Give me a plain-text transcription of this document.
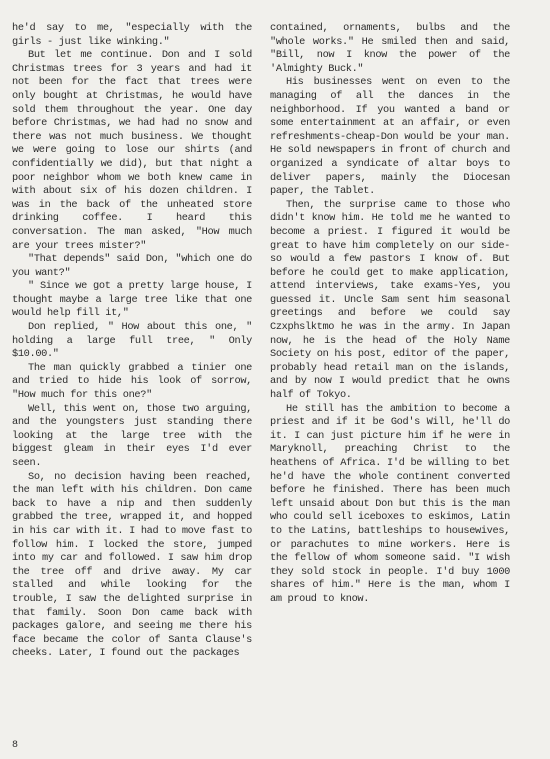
he'd say to me, "especially with the girls - just like winking."

But let me continue. Don and I sold Christmas trees for 3 years and had it not been for the fact that trees were only bought at Christmas, he would have sold them throughout the year. One day before Christmas, we had had no snow and there was not much business. We thought we were going to lose our shirts (and confidentially we did), but that night a poor neighbor whom we both knew came in with about six of his dozen children. I was in the back of the unheated store drinking coffee. I heard this conversation. The man asked, "How much are your trees mister?"

"That depends" said Don, "which one do you want?"

" Since we got a pretty large house, I thought maybe a large tree like that one would help fill it,"

Don replied, " How about this one, " holding a large full tree, " Only $10.00."

The man quickly grabbed a tinier one and tried to hide his look of sorrow, "How much for this one?"

Well, this went on, those two arguing, and the youngsters just standing there looking at the large tree with the biggest gleam in their eyes I'd ever seen.

So, no decision having been reached, the man left with his children. Don came back to have a nip and then suddenly grabbed the tree, wrapped it, and hopped in his car with it. I had to move fast to follow him. I locked the store, jumped into my car and followed. I saw him drop the tree off and drive away. My car stalled and while looking for the trouble, I saw the delighted surprise in that family. Soon Don came back with packages galore, and seeing me there his face became the color of Santa Clause's cheeks. Later, I found out the packages

contained, ornaments, bulbs and the "whole works." He smiled then and said, "Bill, now I know the power of the 'Almighty Buck."

His businesses went on even to the managing of all the dances in the neighborhood. If you wanted a band or some entertainment at an affair, or even refreshments-cheap-Don would be your man. He sold newspapers in front of church and organized a syndicate of altar boys to deliver papers, mainly the Diocesan paper, the Tablet.

Then, the surprise came to those who didn't know him. He told me he wanted to become a priest. I figured it would be great to have him completely on our side-so would a few pastors I know of. But before he could get to make application, attend interviews, take exams-Yes, you guessed it. Uncle Sam sent him seasonal greetings and before we could say Czxphslktmo he was in the army. In Japan now, he is the head of the Holy Name Society on his post, editor of the paper, probably head retail man on the islands, and by now I would predict that he owns half of Tokyo.

He still has the ambition to become a priest and if it be God's Will, he'll do it. I can just picture him if he were in Maryknoll, preaching Christ to the heathens of Africa. I'd be willing to bet he'd have the whole continent converted before he finished. There has been much left unsaid about Don but this is the man who could sell iceboxes to eskimos, Latin to the Latins, battleships to housewives, or parachutes to mine workers. Here is the fellow of whom someone said. "I wish they sold stock in people. I'd buy 1000 shares of him." Here is the man, whom I am proud to know.

8
